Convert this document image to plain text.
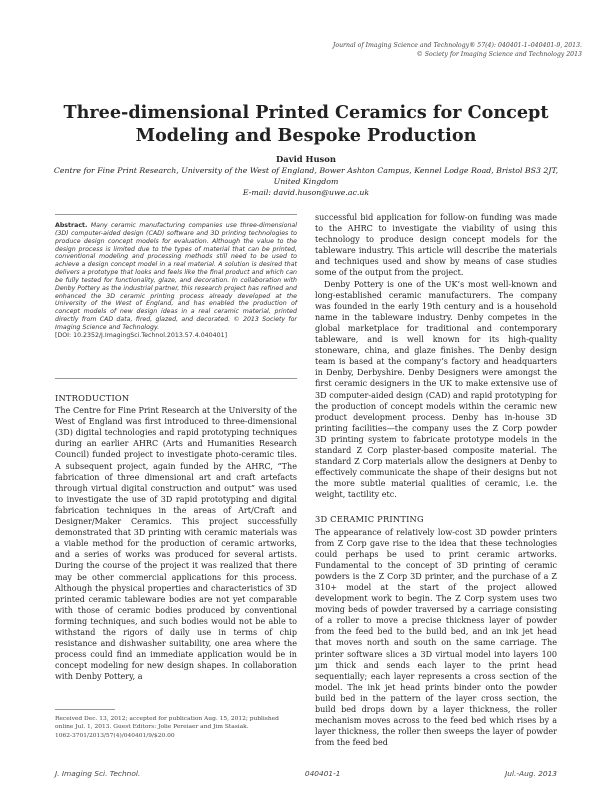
Journal of Imaging Science and Technology® 57(4): 040401-1–040401-9, 2013.
© Society for Imaging Science and Technology 2013
Three-dimensional Printed Ceramics for Concept Modeling and Bespoke Production
David Huson
Centre for Fine Print Research, University of the West of England, Bower Ashton Campus, Kennel Lodge Road, Bristol BS3 2JT, United Kingdom
E-mail: david.huson@uwe.ac.uk
Abstract. Many ceramic manufacturing companies use three-dimensional (3D) computer-aided design (CAD) software and 3D printing technologies to produce design concept models for evaluation. Although the value to the design process is limited due to the types of material that can be printed, conventional modeling and processing methods still need to be used to achieve a design concept model in a real material. A solution is desired that delivers a prototype that looks and feels like the final product and which can be fully tested for functionality, glaze, and decoration. In collaboration with Denby Pottery as the industrial partner, this research project has refined and enhanced the 3D ceramic printing process already developed at the University of the West of England, and has enabled the production of concept models of new design ideas in a real ceramic material, printed directly from CAD data, fired, glazed, and decorated. © 2013 Society for Imaging Science and Technology.
[DOI: 10.2352/J.ImagingSci.Technol.2013.57.4.040401]
INTRODUCTION

The Centre for Fine Print Research at the University of the West of England was first introduced to three-dimensional (3D) digital technologies and rapid prototyping techniques during an earlier AHRC (Arts and Humanities Research Council) funded project to investigate photo-ceramic tiles. A subsequent project, again funded by the AHRC, “The fabrication of three dimensional art and craft artefacts through virtual digital construction and output” was used to investigate the use of 3D rapid prototyping and digital fabrication techniques in the areas of Art/Craft and Designer/Maker Ceramics. This project successfully demonstrated that 3D printing with ceramic materials was a viable method for the production of ceramic artworks, and a series of works was produced for several artists. During the course of the project it was realized that there may be other commercial applications for this process. Although the physical properties and characteristics of 3D printed ceramic tableware bodies are not yet comparable with those of ceramic bodies produced by conventional forming techniques, and such bodies would not be able to withstand the rigors of daily use in terms of chip resistance and dishwasher suitability, one area where the process could find an immediate application would be in concept modeling for new design shapes. In collaboration with Denby Pottery, a

successful bid application for follow-on funding was made to the AHRC to investigate the viability of using this technology to produce design concept models for the tableware industry. This article will describe the materials and techniques used and show by means of case studies some of the output from the project.

Denby Pottery is one of the UK’s most well-known and long-established ceramic manufacturers. The company was founded in the early 19th century and is a household name in the tableware industry. Denby competes in the global marketplace for traditional and contemporary tableware, and is well known for its high-quality stoneware, china, and glaze finishes. The Denby design team is based at the company’s factory and headquarters in Denby, Derbyshire. Denby Designers were amongst the first ceramic designers in the UK to make extensive use of 3D computer-aided design (CAD) and rapid prototyping for the production of concept models within the ceramic new product development process. Denby has in-house 3D printing facilities—the company uses the Z Corp powder 3D printing system to fabricate prototype models in the standard Z Corp plaster-based composite material. The standard Z Corp materials allow the designers at Denby to effectively communicate the shape of their designs but not the more subtle material qualities of ceramic, i.e. the weight, tactility etc.

3D CERAMIC PRINTING

The appearance of relatively low-cost 3D powder printers from Z Corp gave rise to the idea that these technologies could perhaps be used to print ceramic artworks. Fundamental to the concept of 3D printing of ceramic powders is the Z Corp 3D printer, and the purchase of a Z 310+ model at the start of the project allowed development work to begin. The Z Corp system uses two moving beds of powder traversed by a carriage consisting of a roller to move a precise thickness layer of powder from the feed bed to the build bed, and an ink jet head that moves north and south on the same carriage. The printer software slices a 3D virtual model into layers 100 µm thick and sends each layer to the print head sequentially; each layer represents a cross section of the model. The ink jet head prints binder onto the powder build bed in the pattern of the layer cross section, the build bed drops down by a layer thickness, the roller mechanism moves across to the feed bed which rises by a layer thickness, the roller then sweeps the layer of powder from the feed bed

Received Dec. 13, 2012; accepted for publication Aug. 15, 2012; published online Jul. 1, 2013. Guest Editors: Jolie Pereiaer and Jim Stasiak.
1062-3701/2013/57(4)/040401/9/$20.00
J. Imaging Sci. Technol.	040401-1	Jul.-Aug. 2013
